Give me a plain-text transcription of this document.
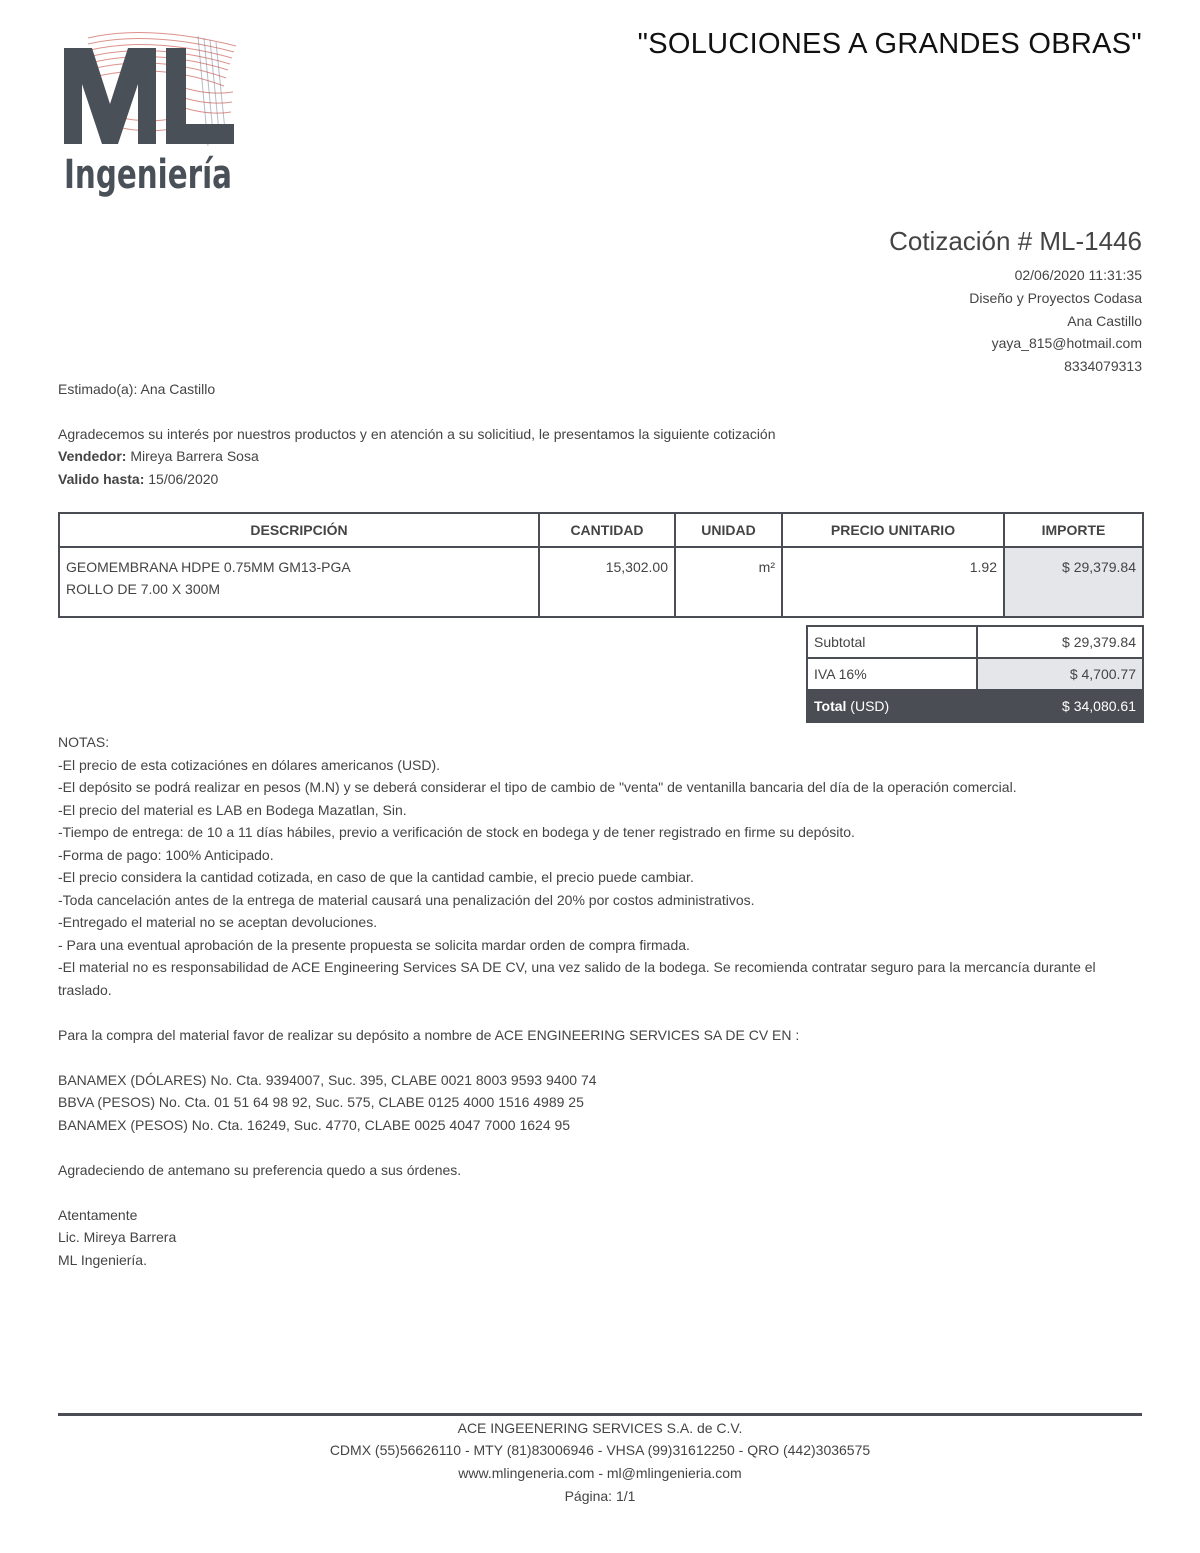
Ingeniería
"SOLUCIONES A GRANDES OBRAS"
Cotización # ML-1446
02/06/2020 11:31:35
Diseño y Proyectos Codasa
Ana Castillo
yaya_815@hotmail.com
8334079313
Estimado(a): Ana Castillo
Agradecemos su interés por nuestros productos y en atención a su solicitiud, le presentamos la siguiente cotización
Vendedor: Mireya Barrera Sosa
Valido hasta: 15/06/2020
DESCRIPCIÓN	CANTIDAD	UNIDAD	PRECIO UNITARIO	IMPORTE

GEOMEMBRANA HDPE 0.75MM GM13-PGA
ROLLO DE 7.00 X 300M	15,302.00	m²	1.92	$ 29,379.84
Subtotal	$ 29,379.84
IVA 16%	$ 4,700.77
Total (USD)	$ 34,080.61
NOTAS:
-El precio de esta cotizaciónes en dólares americanos (USD).
-El depósito se podrá realizar en pesos (M.N) y se deberá considerar el tipo de cambio de "venta" de ventanilla bancaria del día de la operación comercial.
-El precio del material es LAB en Bodega Mazatlan, Sin.
-Tiempo de entrega: de 10 a 11 días hábiles, previo a verificación de stock en bodega y de tener registrado en firme su depósito.
-Forma de pago: 100% Anticipado.
-El precio considera la cantidad cotizada, en caso de que la cantidad cambie, el precio puede cambiar.
-Toda cancelación antes de la entrega de material causará una penalización del 20% por costos administrativos.
-Entregado el material no se aceptan devoluciones.
- Para una eventual aprobación de la presente propuesta se solicita mardar orden de compra firmada.
-El material no es responsabilidad de ACE Engineering Services SA DE CV, una vez salido de la bodega. Se recomienda contratar seguro para la mercancía durante el traslado.
Para la compra del material favor de realizar su depósito a nombre de ACE ENGINEERING SERVICES SA DE CV EN :
BANAMEX (DÓLARES) No. Cta. 9394007, Suc. 395, CLABE 0021 8003 9593 9400 74
BBVA (PESOS) No. Cta. 01 51 64 98 92, Suc. 575, CLABE 0125 4000 1516 4989 25
BANAMEX (PESOS) No. Cta. 16249, Suc. 4770, CLABE 0025 4047 7000 1624 95
Agradeciendo de antemano su preferencia quedo a sus órdenes.
Atentamente
Lic. Mireya Barrera
ML Ingeniería.
ACE INGEENERING SERVICES S.A. de C.V.
CDMX (55)56626110 - MTY (81)83006946 - VHSA (99)31612250 - QRO (442)3036575
www.mlingeneria.com - ml@mlingenieria.com
Página: 1/1
